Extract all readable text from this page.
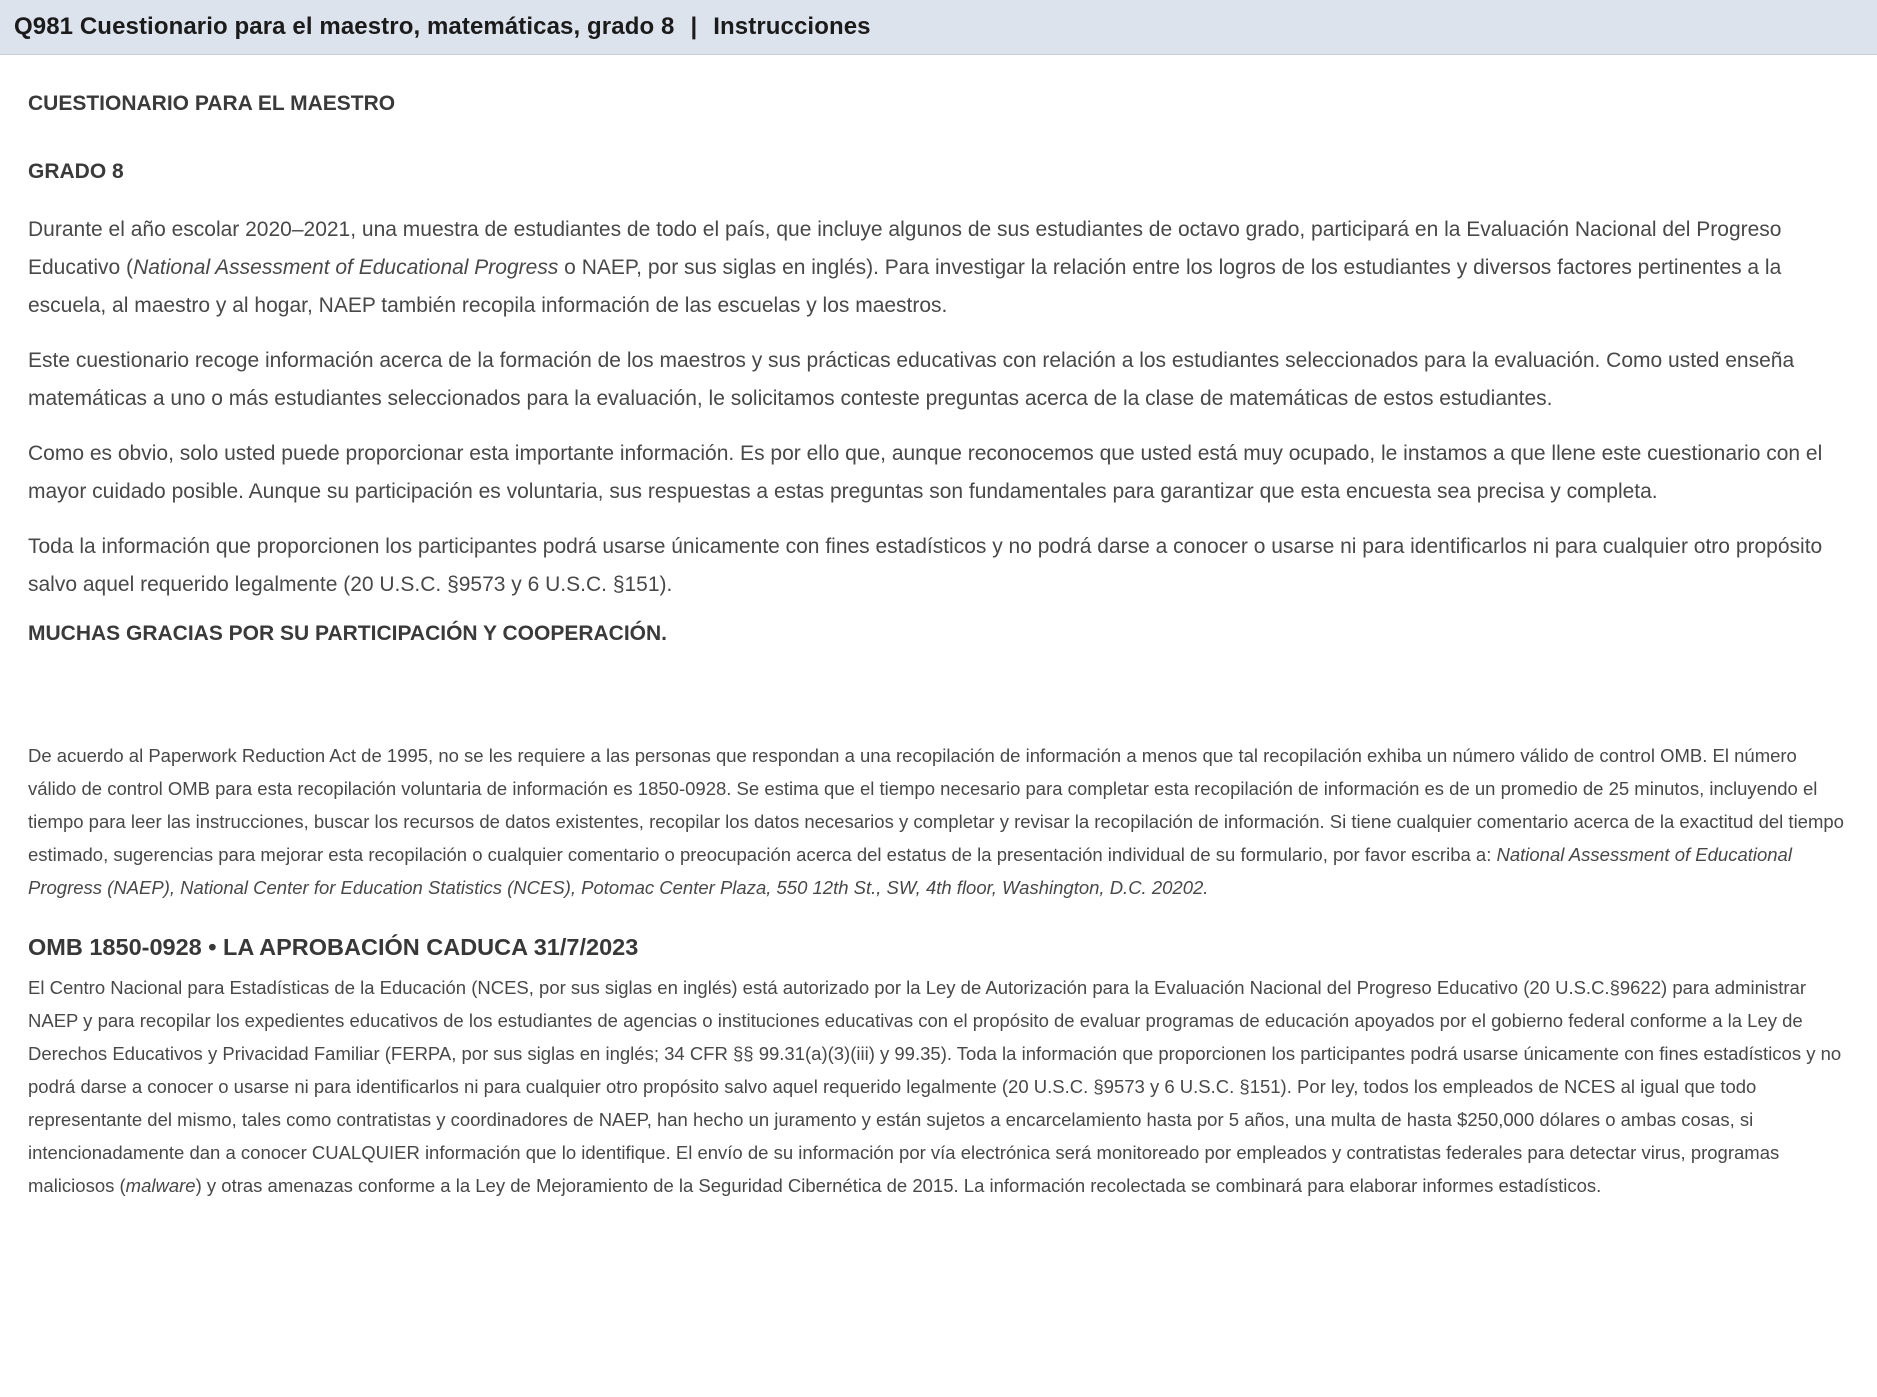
Q981 Cuestionario para el maestro, matemáticas, grado 8 | Instrucciones
CUESTIONARIO PARA EL MAESTRO
GRADO 8

Durante el año escolar 2020–2021, una muestra de estudiantes de todo el país, que incluye algunos de sus estudiantes de octavo grado, participará en la Evaluación Nacional del Progreso Educativo (National Assessment of Educational Progress o NAEP, por sus siglas en inglés). Para investigar la relación entre los logros de los estudiantes y diversos factores pertinentes a la escuela, al maestro y al hogar, NAEP también recopila información de las escuelas y los maestros.

Este cuestionario recoge información acerca de la formación de los maestros y sus prácticas educativas con relación a los estudiantes seleccionados para la evaluación. Como usted enseña matemáticas a uno o más estudiantes seleccionados para la evaluación, le solicitamos conteste preguntas acerca de la clase de matemáticas de estos estudiantes.

Como es obvio, solo usted puede proporcionar esta importante información. Es por ello que, aunque reconocemos que usted está muy ocupado, le instamos a que llene este cuestionario con el mayor cuidado posible. Aunque su participación es voluntaria, sus respuestas a estas preguntas son fundamentales para garantizar que esta encuesta sea precisa y completa.

Toda la información que proporcionen los participantes podrá usarse únicamente con fines estadísticos y no podrá darse a conocer o usarse ni para identificarlos ni para cualquier otro propósito salvo aquel requerido legalmente (20 U.S.C. §9573 y 6 U.S.C. §151).

MUCHAS GRACIAS POR SU PARTICIPACIÓN Y COOPERACIÓN.

De acuerdo al Paperwork Reduction Act de 1995, no se les requiere a las personas que respondan a una recopilación de información a menos que tal recopilación exhiba un número válido de control OMB. El número válido de control OMB para esta recopilación voluntaria de información es 1850-0928. Se estima que el tiempo necesario para completar esta recopilación de información es de un promedio de 25 minutos, incluyendo el tiempo para leer las instrucciones, buscar los recursos de datos existentes, recopilar los datos necesarios y completar y revisar la recopilación de información. Si tiene cualquier comentario acerca de la exactitud del tiempo estimado, sugerencias para mejorar esta recopilación o cualquier comentario o preocupación acerca del estatus de la presentación individual de su formulario, por favor escriba a: National Assessment of Educational Progress (NAEP), National Center for Education Statistics (NCES), Potomac Center Plaza, 550 12th St., SW, 4th floor, Washington, D.C. 20202.

OMB 1850-0928 • LA APROBACIÓN CADUCA 31/7/2023

El Centro Nacional para Estadísticas de la Educación (NCES, por sus siglas en inglés) está autorizado por la Ley de Autorización para la Evaluación Nacional del Progreso Educativo (20 U.S.C.§9622) para administrar NAEP y para recopilar los expedientes educativos de los estudiantes de agencias o instituciones educativas con el propósito de evaluar programas de educación apoyados por el gobierno federal conforme a la Ley de Derechos Educativos y Privacidad Familiar (FERPA, por sus siglas en inglés; 34 CFR §§ 99.31(a)(3)(iii) y 99.35). Toda la información que proporcionen los participantes podrá usarse únicamente con fines estadísticos y no podrá darse a conocer o usarse ni para identificarlos ni para cualquier otro propósito salvo aquel requerido legalmente (20 U.S.C. §9573 y 6 U.S.C. §151). Por ley, todos los empleados de NCES al igual que todo representante del mismo, tales como contratistas y coordinadores de NAEP, han hecho un juramento y están sujetos a encarcelamiento hasta por 5 años, una multa de hasta $250,000 dólares o ambas cosas, si intencionadamente dan a conocer CUALQUIER información que lo identifique. El envío de su información por vía electrónica será monitoreado por empleados y contratistas federales para detectar virus, programas maliciosos (malware) y otras amenazas conforme a la Ley de Mejoramiento de la Seguridad Cibernética de 2015. La información recolectada se combinará para elaborar informes estadísticos.
